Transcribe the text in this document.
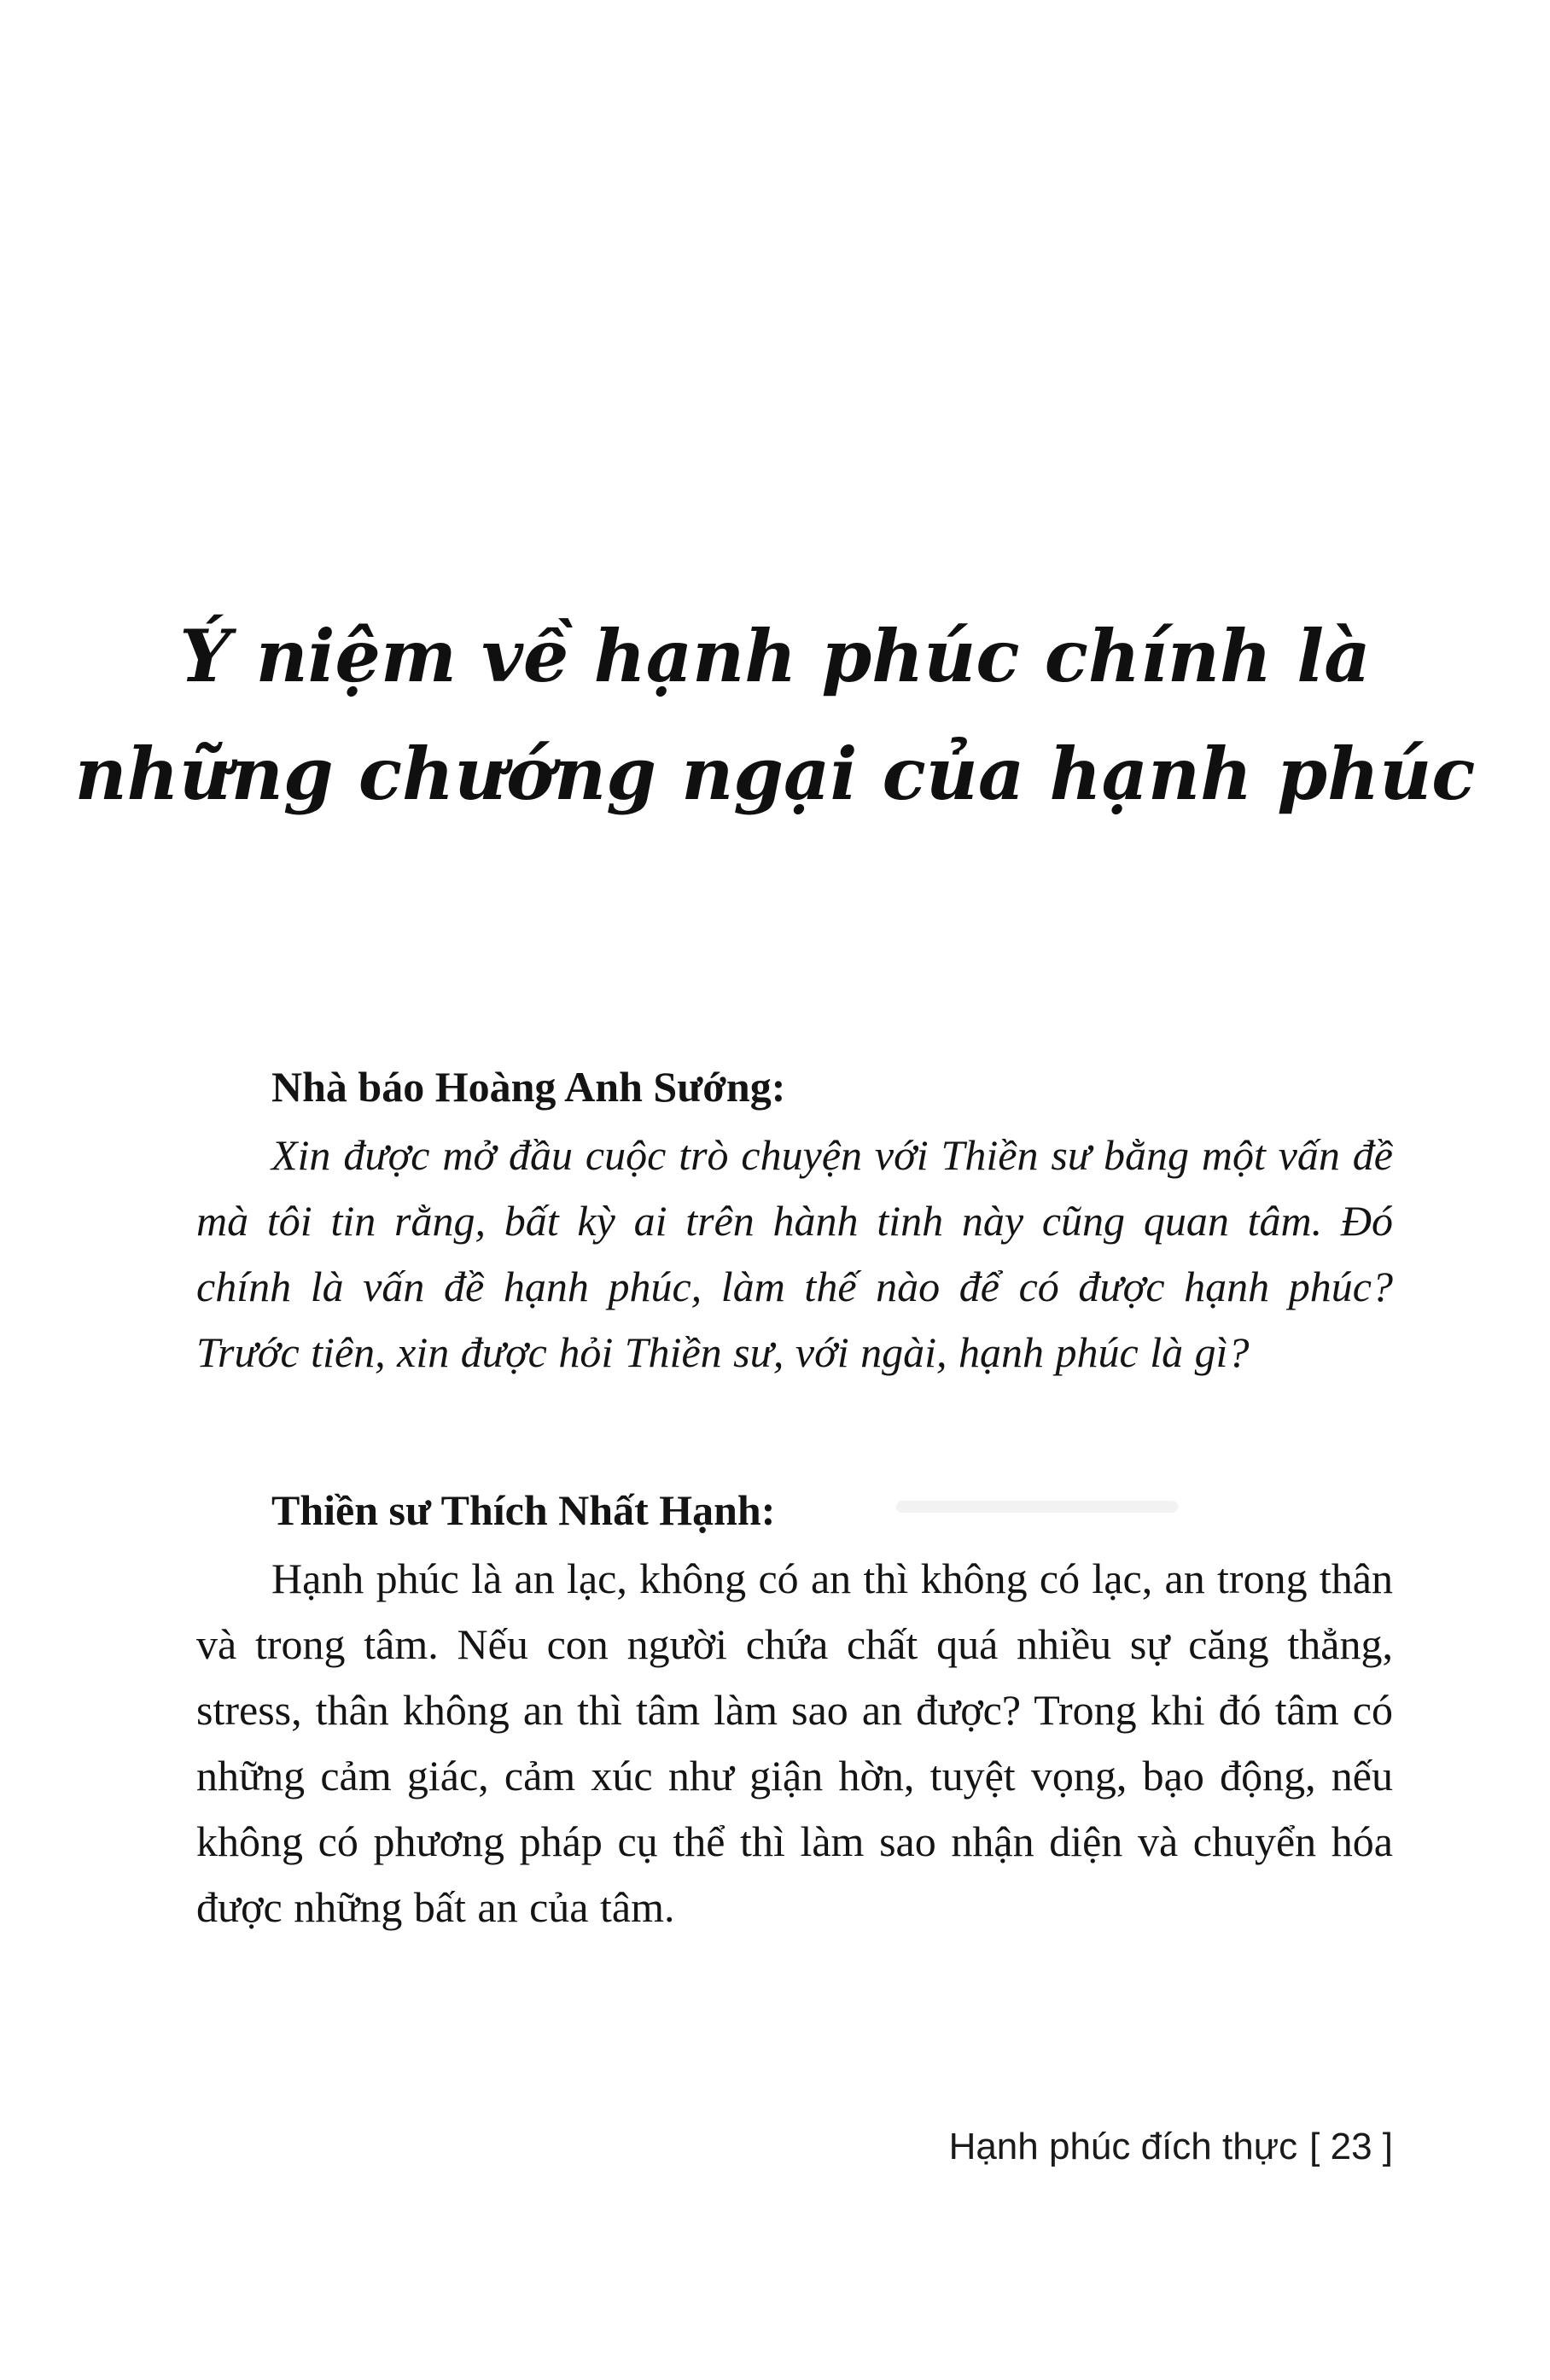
Ý niệm về hạnh phúc chính là
những chướng ngại của hạnh phúc

Nhà báo Hoàng Anh Sướng:

Xin được mở đầu cuộc trò chuyện với Thiền sư bằng một vấn đề mà tôi tin rằng, bất kỳ ai trên hành tinh này cũng quan tâm. Đó chính là vấn đề hạnh phúc, làm thế nào để có được hạnh phúc? Trước tiên, xin được hỏi Thiền sư, với ngài, hạnh phúc là gì?

Thiền sư Thích Nhất Hạnh:

Hạnh phúc là an lạc, không có an thì không có lạc, an trong thân và trong tâm. Nếu con người chứa chất quá nhiều sự căng thẳng, stress, thân không an thì tâm làm sao an được? Trong khi đó tâm có những cảm giác, cảm xúc như giận hờn, tuyệt vọng, bạo động, nếu không có phương pháp cụ thể thì làm sao nhận diện và chuyển hóa được những bất an của tâm.

Hạnh phúc đích thực [ 23 ]
